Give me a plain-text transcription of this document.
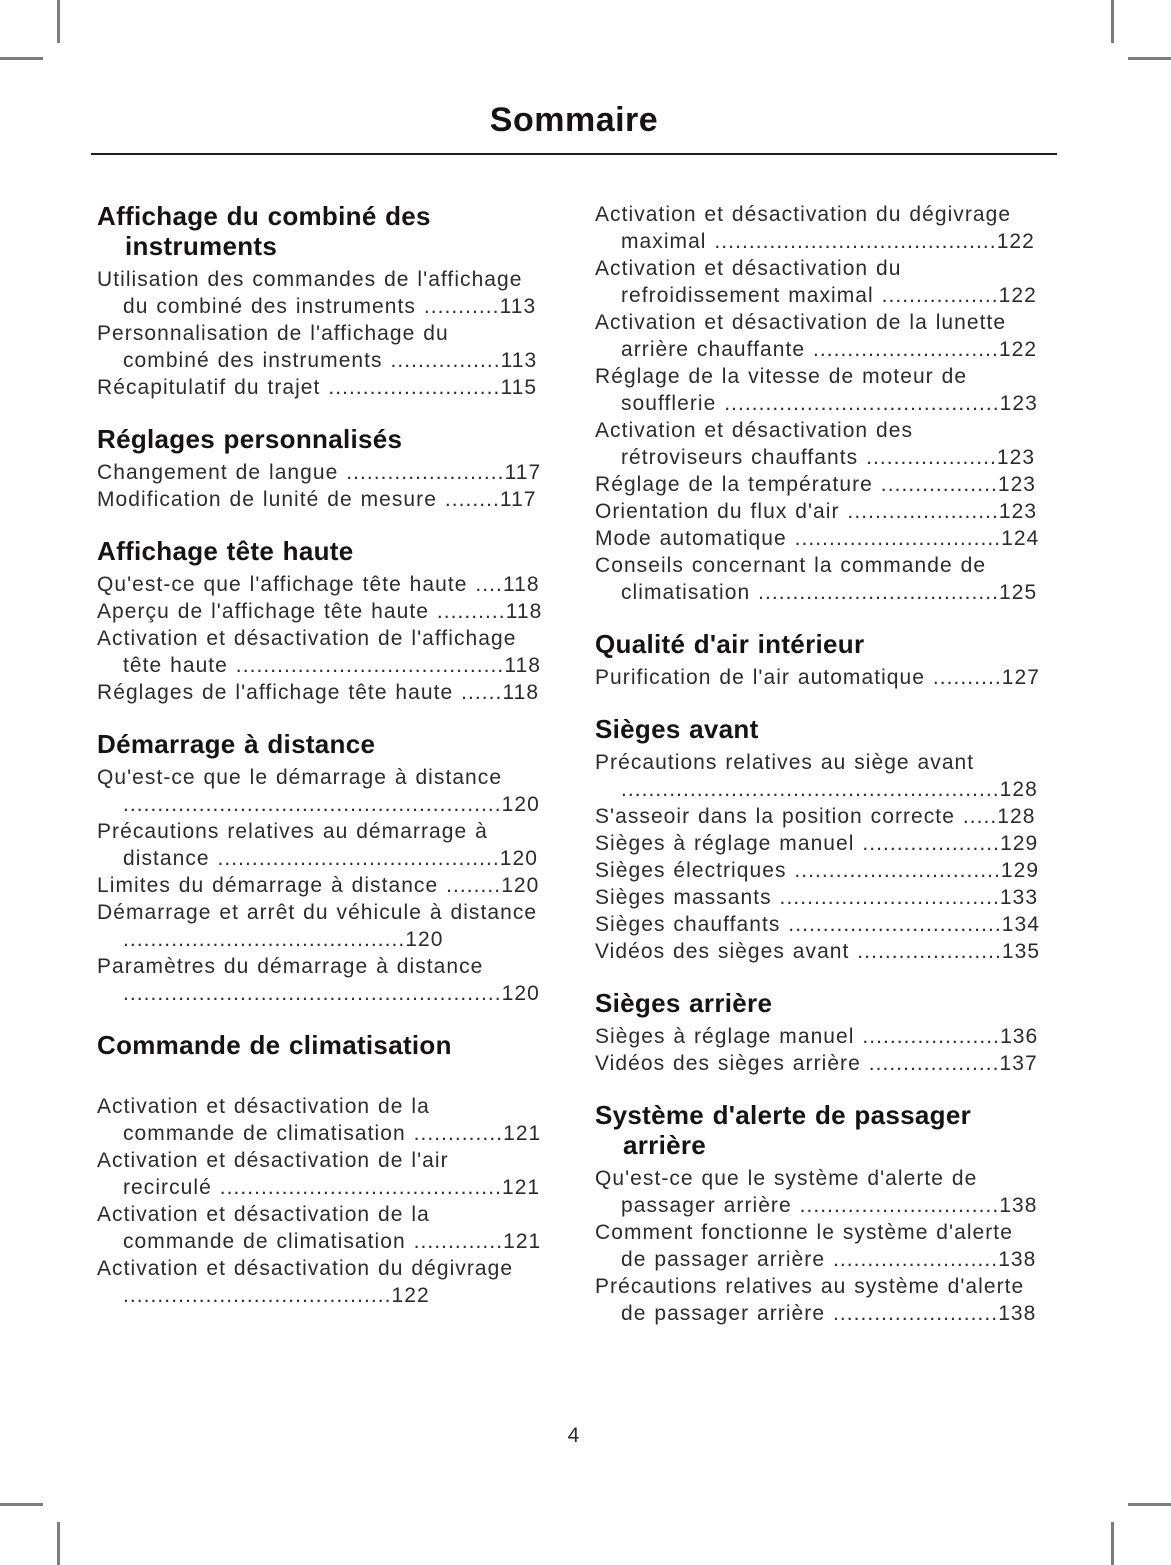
Sommaire
Affichage du combiné des instruments
Utilisation des commandes de l'affichage du combiné des instruments ...........113
Personnalisation de l'affichage du combiné des instruments ................113
Récapitulatif du trajet .........................115
Réglages personnalisés
Changement de langue .......................117
Modification de lunité de mesure ........117
Affichage tête haute
Qu'est-ce que l'affichage tête haute ....118
Aperçu de l'affichage tête haute ..........118
Activation et désactivation de l'affichage tête haute .......................................118
Réglages de l'affichage tête haute ......118
Démarrage à distance
Qu'est-ce que le démarrage à distance
.......................................................120
Précautions relatives au démarrage à distance .........................................120
Limites du démarrage à distance ........120
Démarrage et arrêt du véhicule à distance .........................................120
Paramètres du démarrage à distance
.......................................................120
Commande de climatisation
Activation et désactivation de la commande de climatisation .............121
Activation et désactivation de l'air recirculé .........................................121
Activation et désactivation de la commande de climatisation .............121
Activation et désactivation du dégivrage .......................................122
Activation et désactivation du dégivrage maximal .........................................122
Activation et désactivation du refroidissement maximal .................122
Activation et désactivation de la lunette arrière chauffante ...........................122
Réglage de la vitesse de moteur de soufflerie ........................................123
Activation et désactivation des rétroviseurs chauffants ...................123
Réglage de la température .................123
Orientation du flux d'air ......................123
Mode automatique ..............................124
Conseils concernant la commande de climatisation ...................................125
Qualité d'air intérieur
Purification de l'air automatique ..........127
Sièges avant
Précautions relatives au siège avant
.......................................................128
S'asseoir dans la position correcte .....128
Sièges à réglage manuel ....................129
Sièges électriques ..............................129
Sièges massants ................................133
Sièges chauffants ...............................134
Vidéos des sièges avant .....................135
Sièges arrière
Sièges à réglage manuel ....................136
Vidéos des sièges arrière ...................137
Système d'alerte de passager arrière
Qu'est-ce que le système d'alerte de passager arrière .............................138
Comment fonctionne le système d'alerte de passager arrière ........................138
Précautions relatives au système d'alerte de passager arrière ........................138
4
